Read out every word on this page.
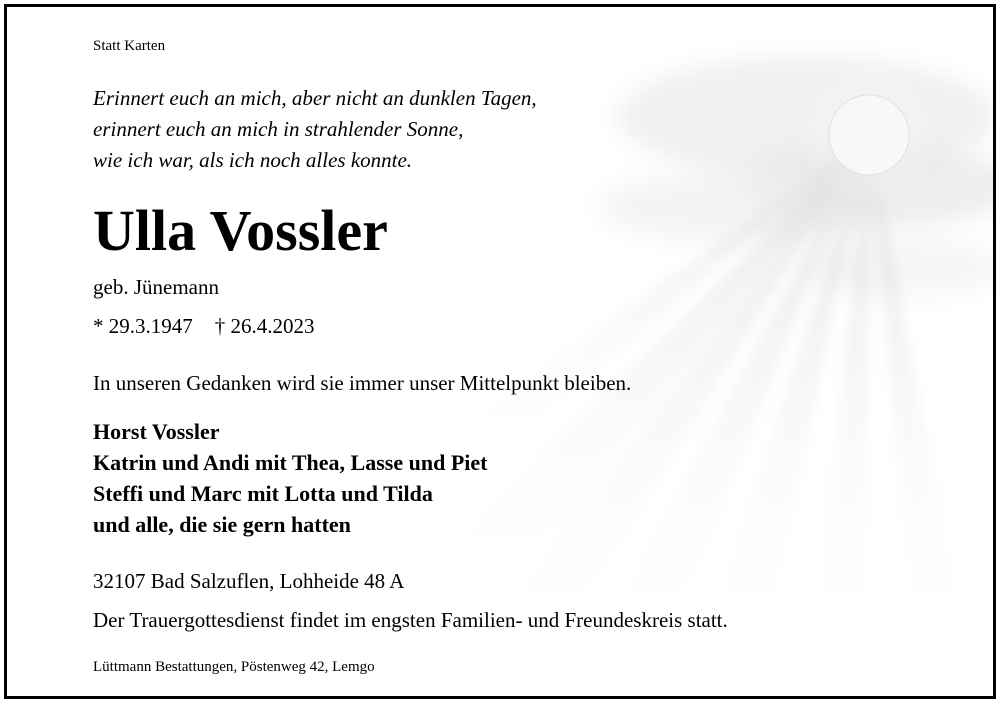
Statt Karten
Erinnert euch an mich, aber nicht an dunklen Tagen,
erinnert euch an mich in strahlender Sonne,
wie ich war, als ich noch alles konnte.
Ulla Vossler
geb. Jünemann
* 29.3.1947 † 26.4.2023
In unseren Gedanken wird sie immer unser Mittelpunkt bleiben.
Horst Vossler
Katrin und Andi mit Thea, Lasse und Piet
Steffi und Marc mit Lotta und Tilda
und alle, die sie gern hatten
32107 Bad Salzuflen, Lohheide 48 A
Der Trauergottesdienst findet im engsten Familien- und Freundeskreis statt.
Lüttmann Bestattungen, Pöstenweg 42, Lemgo
